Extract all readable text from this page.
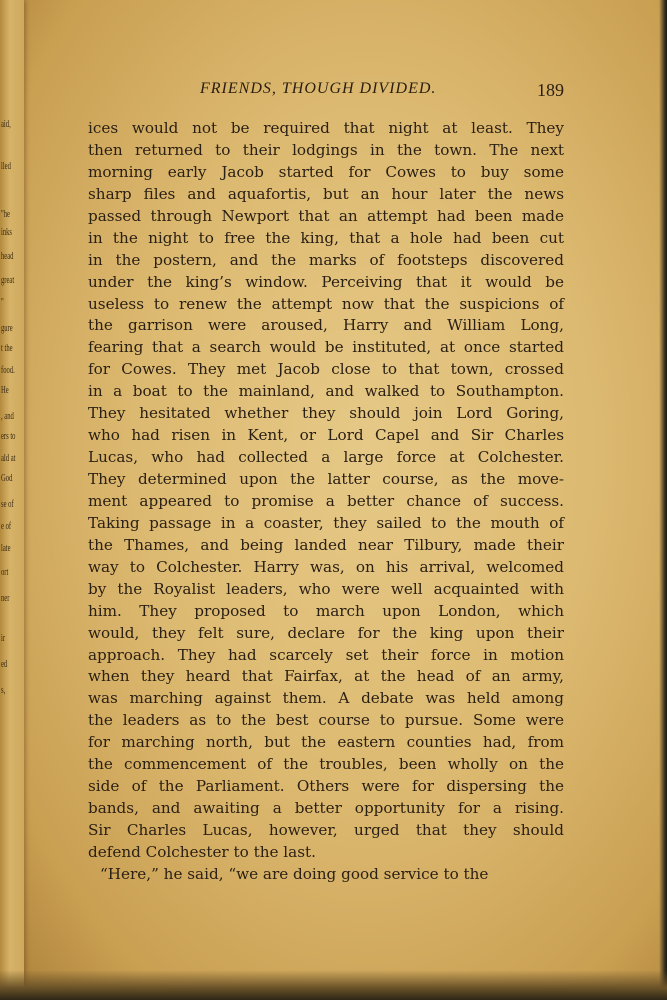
aid,
lled
"he
inks
head
great
"
gure
t the
food.
He
, and
ers to
ald at
God
se of
e of
late
ort
ner
ir
ed
s,
FRIENDS, THOUGH DIVIDED.	189
ices would not be required that night at least. They
then returned to their lodgings in the town. The next
morning early Jacob started for Cowes to buy some
sharp files and aquafortis, but an hour later the news
passed through Newport that an attempt had been made
in the night to free the king, that a hole had been cut
in the postern, and the marks of footsteps discovered
under the king’s window. Perceiving that it would be
useless to renew the attempt now that the suspicions of
the garrison were aroused, Harry and William Long,
fearing that a search would be instituted, at once started
for Cowes. They met Jacob close to that town, crossed
in a boat to the mainland, and walked to Southampton.
They hesitated whether they should join Lord Goring,
who had risen in Kent, or Lord Capel and Sir Charles
Lucas, who had collected a large force at Colchester.
They determined upon the latter course, as the move-
ment appeared to promise a better chance of success.
Taking passage in a coaster, they sailed to the mouth of
the Thames, and being landed near Tilbury, made their
way to Colchester. Harry was, on his arrival, welcomed
by the Royalist leaders, who were well acquainted with
him. They proposed to march upon London, which
would, they felt sure, declare for the king upon their
approach. They had scarcely set their force in motion
when they heard that Fairfax, at the head of an army,
was marching against them. A debate was held among
the leaders as to the best course to pursue. Some were
for marching north, but the eastern counties had, from
the commencement of the troubles, been wholly on the
side of the Parliament. Others were for dispersing the
bands, and awaiting a better opportunity for a rising.
Sir Charles Lucas, however, urged that they should
defend Colchester to the last.
“Here,” he said, “we are doing good service to the
